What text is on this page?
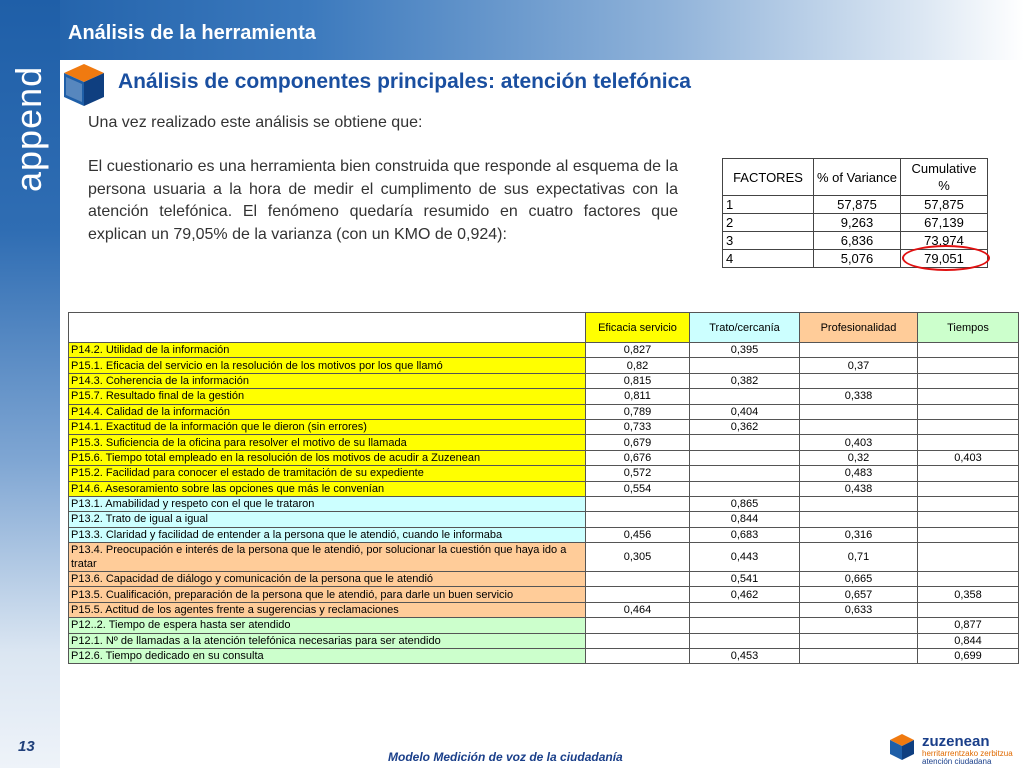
Análisis de la herramienta
append
13
Análisis de componentes principales: atención telefónica
Una vez realizado este análisis se obtiene que:
El cuestionario es una herramienta bien construida que responde al esquema de la persona usuaria a la hora de medir el cumplimento de sus expectativas con la atención telefónica. El fenómeno quedaría resumido en cuatro factores que explican un 79,05% de la varianza (con un KMO de 0,924):
FACTORES	% of Variance	Cumulative %
1	57,875	57,875
2	9,263	67,139
3	6,836	73,974
4	5,076	79,051
	Eficacia servicio	Trato/cercanía	Profesionalidad	Tiempos
P14.2. Utilidad de la información	0,827	0,395		
P15.1. Eficacia del servicio en la resolución de los motivos por los que llamó	0,82		0,37	
P14.3. Coherencia de la información	0,815	0,382		
P15.7. Resultado final de la gestión	0,811		0,338	
P14.4. Calidad de la información	0,789	0,404		
P14.1. Exactitud de la información que le dieron (sin errores)	0,733	0,362		
P15.3. Suficiencia de la oficina para resolver el motivo de su llamada	0,679		0,403	
P15.6. Tiempo total empleado en la resolución de los motivos de acudir a Zuzenean	0,676		0,32	0,403
P15.2. Facilidad para conocer el estado de tramitación de su expediente	0,572		0,483	
P14.6. Asesoramiento sobre las opciones que más le convenían	0,554		0,438	
P13.1. Amabilidad y respeto con el que le trataron		0,865		
P13.2. Trato de igual a igual		0,844		
P13.3. Claridad y facilidad de entender a la persona que le atendió, cuando le informaba	0,456	0,683	0,316	
P13.4. Preocupación e interés de la persona que le atendió, por solucionar la cuestión que haya ido a tratar	0,305	0,443	0,71	
P13.6. Capacidad de diálogo y comunicación de la persona que le atendió		0,541	0,665	
P13.5. Cualificación, preparación de la persona que le atendió, para darle un buen servicio		0,462	0,657	0,358
P15.5. Actitud de los agentes frente a sugerencias y reclamaciones	0,464		0,633	
P12..2. Tiempo de espera hasta ser atendido				0,877
P12.1. Nº de llamadas a la atención telefónica necesarias para ser atendido				0,844
P12.6. Tiempo dedicado en su consulta		0,453		0,699
Modelo Medición de voz de la ciudadanía
zuzenean
herritarrentzako zerbitzua
atención ciudadana
